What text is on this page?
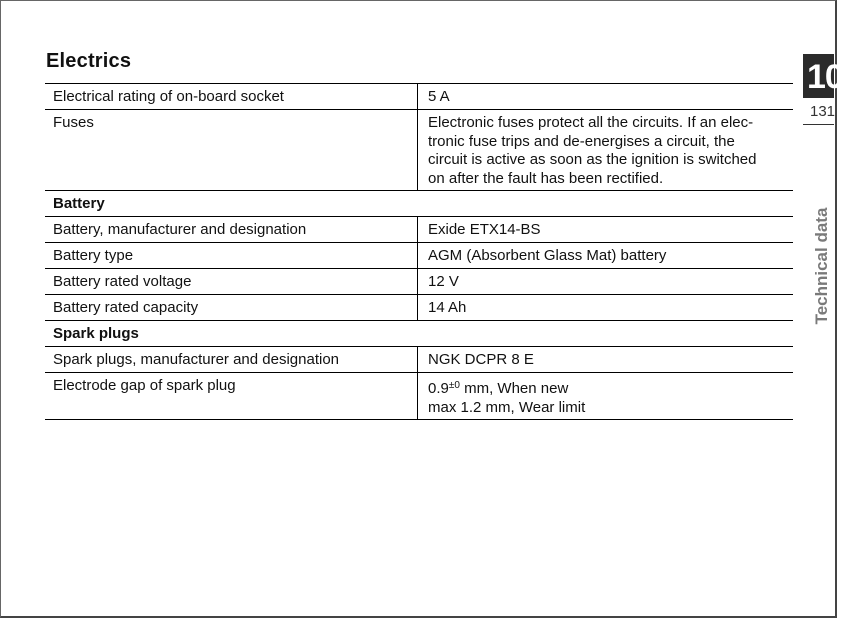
Electrics
Electrical rating of on-board socket	5 A
Fuses	Electronic fuses protect all the circuits. If an elec-
tronic fuse trips and de-energises a circuit, the
circuit is active as soon as the ignition is switched
on after the fault has been rectified.
Battery
Battery, manufacturer and designation	Exide ETX14-BS
Battery type	AGM (Absorbent Glass Mat) battery
Battery rated voltage	12 V
Battery rated capacity	14 Ah
Spark plugs
Spark plugs, manufacturer and designation	NGK DCPR 8 E
Electrode gap of spark plug	$0.9^{\pm 0}$ mm, When new
max 1.2 mm, Wear limit
10
131
Technical data
